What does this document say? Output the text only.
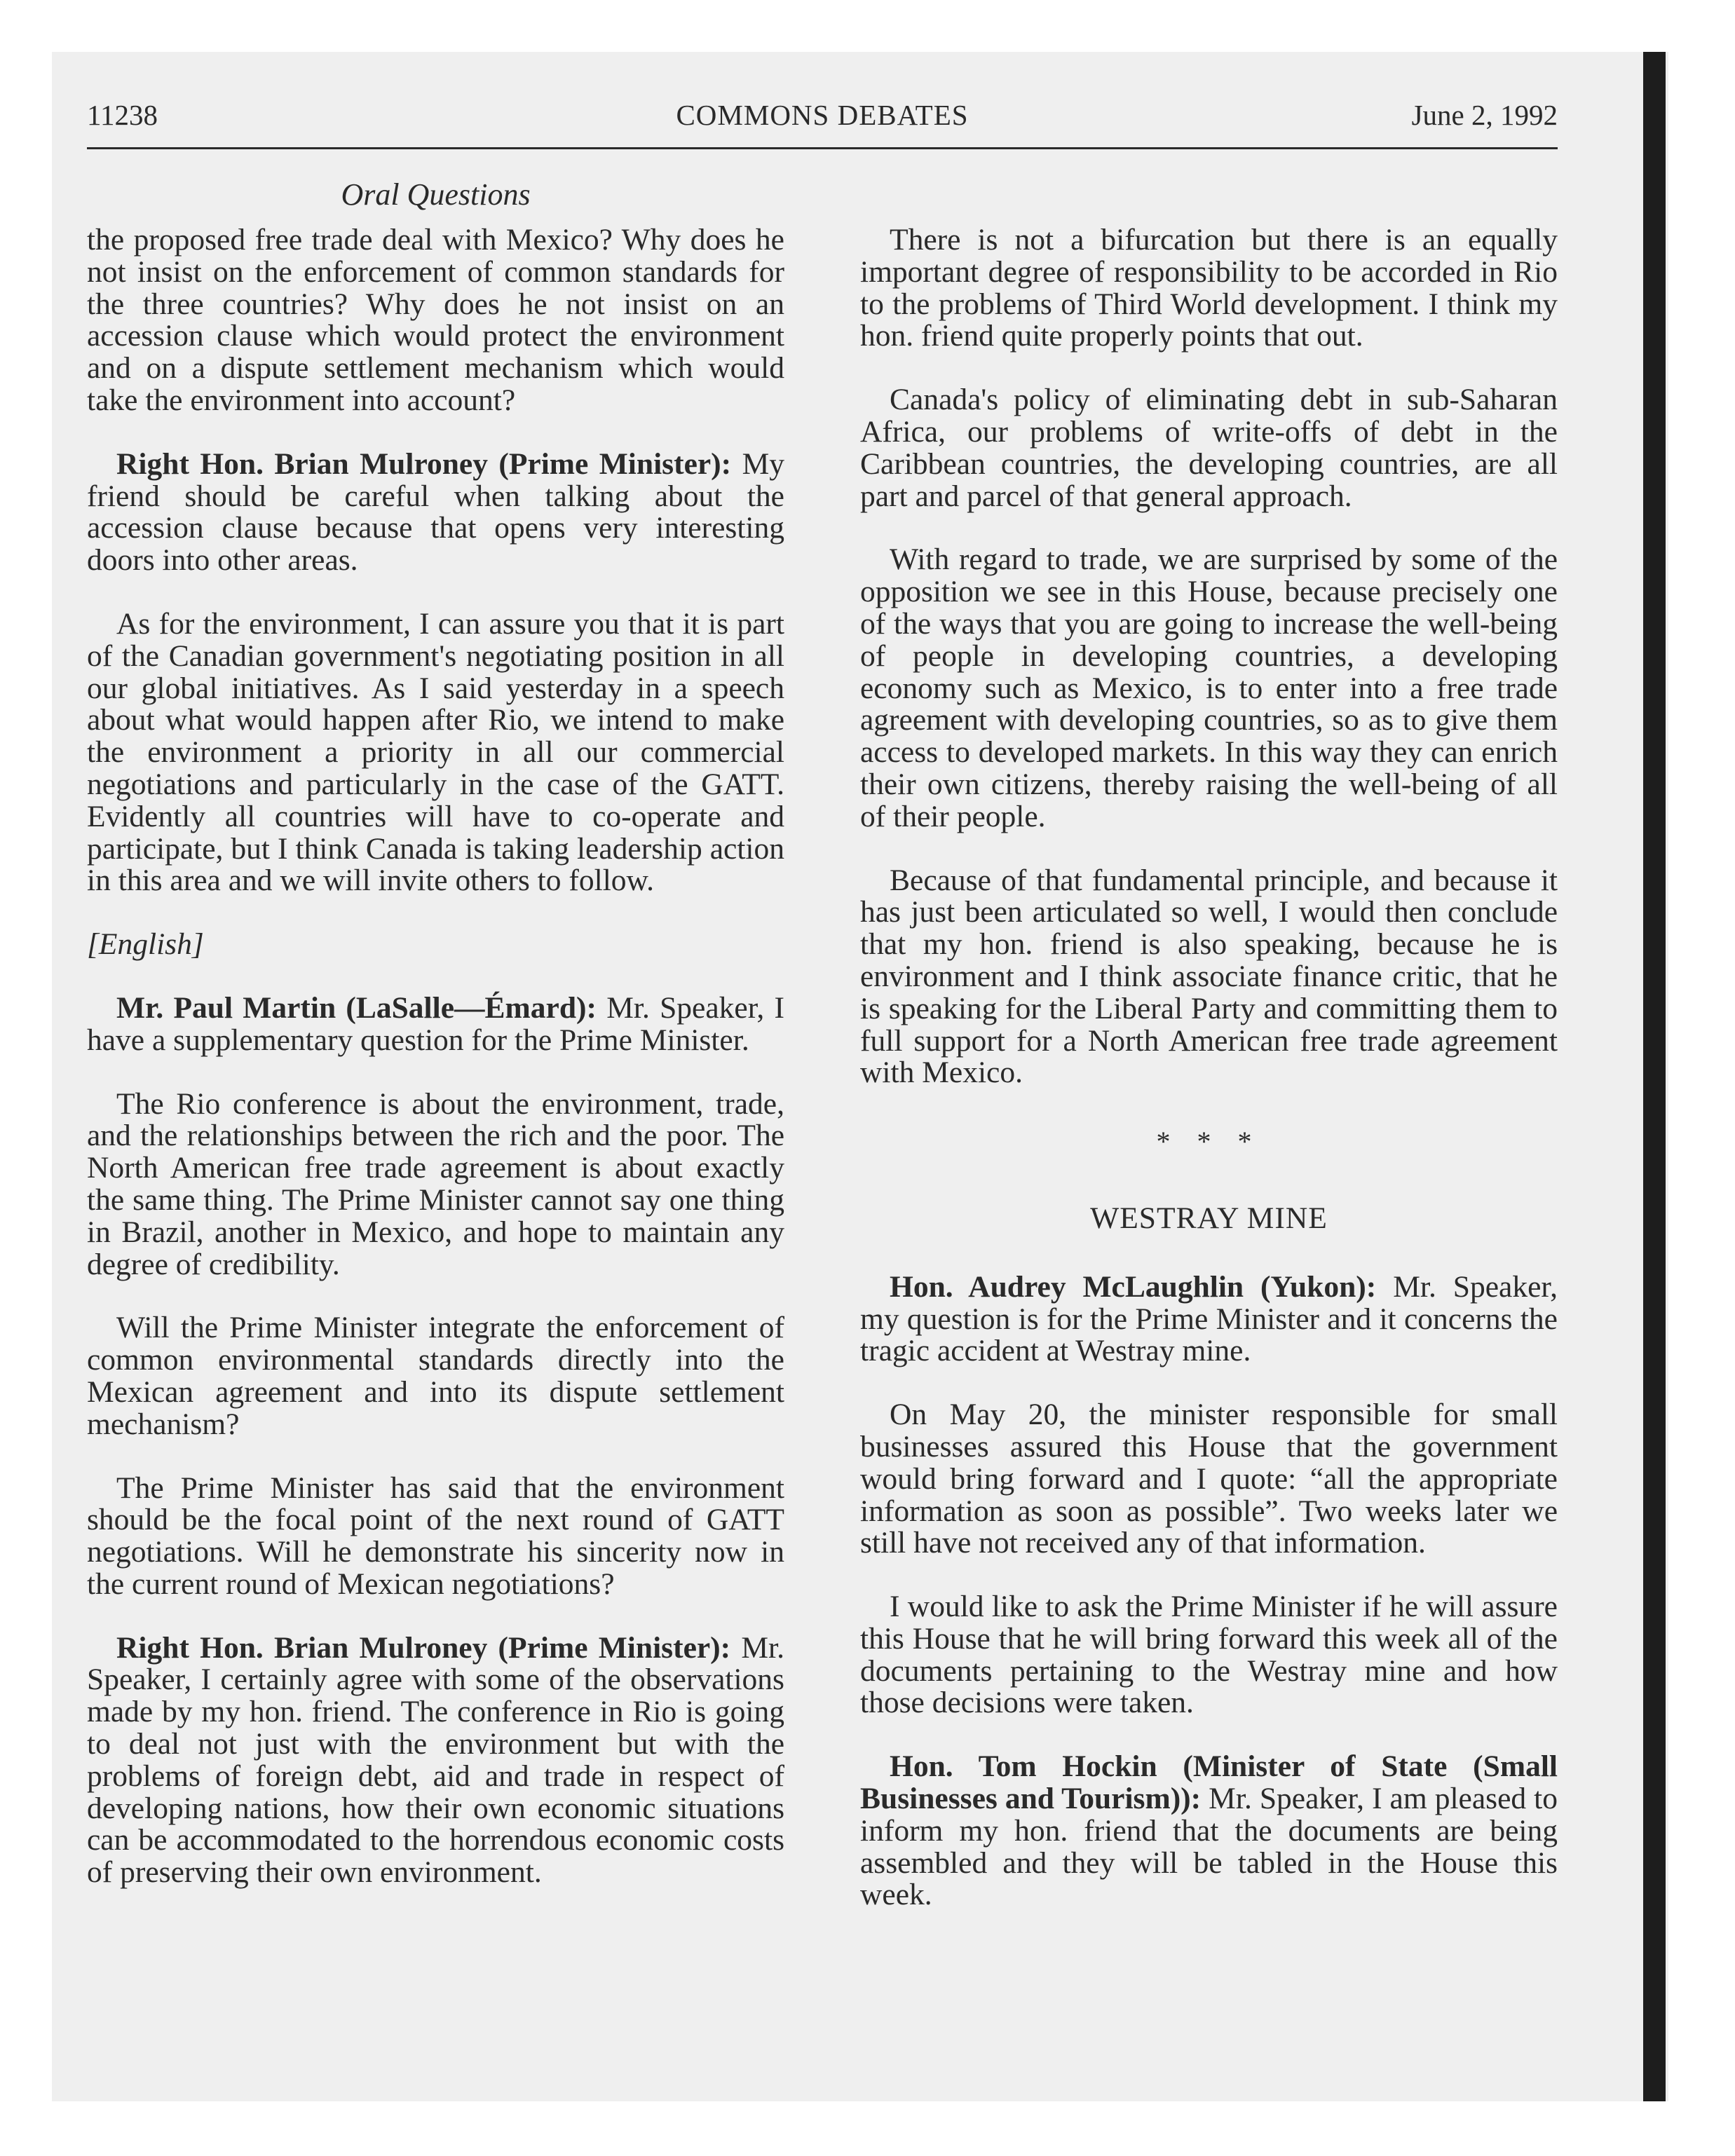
11238	COMMONS DEBATES	June 2, 1992
Oral Questions

the proposed free trade deal with Mexico? Why does he not insist on the enforcement of common standards for the three countries? Why does he not insist on an accession clause which would protect the environment and on a dispute settlement mechanism which would take the environment into account?

Right Hon. Brian Mulroney (Prime Minister): My friend should be careful when talking about the accession clause because that opens very interesting doors into other areas.

As for the environment, I can assure you that it is part of the Canadian government's negotiating position in all our global initiatives. As I said yesterday in a speech about what would happen after Rio, we intend to make the environment a priority in all our commercial negotiations and particularly in the case of the GATT. Evidently all countries will have to co-operate and participate, but I think Canada is taking leadership action in this area and we will invite others to follow.

[English]

Mr. Paul Martin (LaSalle—Émard): Mr. Speaker, I have a supplementary question for the Prime Minister.

The Rio conference is about the environment, trade, and the relationships between the rich and the poor. The North American free trade agreement is about exactly the same thing. The Prime Minister cannot say one thing in Brazil, another in Mexico, and hope to maintain any degree of credibility.

Will the Prime Minister integrate the enforcement of common environmental standards directly into the Mexican agreement and into its dispute settlement mechanism?

The Prime Minister has said that the environment should be the focal point of the next round of GATT negotiations. Will he demonstrate his sincerity now in the current round of Mexican negotiations?

Right Hon. Brian Mulroney (Prime Minister): Mr. Speaker, I certainly agree with some of the observations made by my hon. friend. The conference in Rio is going to deal not just with the environment but with the problems of foreign debt, aid and trade in respect of developing nations, how their own economic situations can be accommodated to the horrendous economic costs of preserving their own environment.

There is not a bifurcation but there is an equally important degree of responsibility to be accorded in Rio to the problems of Third World development. I think my hon. friend quite properly points that out.

Canada's policy of eliminating debt in sub-Saharan Africa, our problems of write-offs of debt in the Caribbean countries, the developing countries, are all part and parcel of that general approach.

With regard to trade, we are surprised by some of the opposition we see in this House, because precisely one of the ways that you are going to increase the well-being of people in developing countries, a developing economy such as Mexico, is to enter into a free trade agreement with developing countries, so as to give them access to developed markets. In this way they can enrich their own citizens, thereby raising the well-being of all of their people.

Because of that fundamental principle, and because it has just been articulated so well, I would then conclude that my hon. friend is also speaking, because he is environment and I think associate finance critic, that he is speaking for the Liberal Party and committing them to full support for a North American free trade agreement with Mexico.

* * *
WESTRAY MINE

Hon. Audrey McLaughlin (Yukon): Mr. Speaker, my question is for the Prime Minister and it concerns the tragic accident at Westray mine.

On May 20, the minister responsible for small businesses assured this House that the government would bring forward and I quote: “all the appropriate information as soon as possible”. Two weeks later we still have not received any of that information.

I would like to ask the Prime Minister if he will assure this House that he will bring forward this week all of the documents pertaining to the Westray mine and how those decisions were taken.

Hon. Tom Hockin (Minister of State (Small Businesses and Tourism)): Mr. Speaker, I am pleased to inform my hon. friend that the documents are being assembled and they will be tabled in the House this week.
